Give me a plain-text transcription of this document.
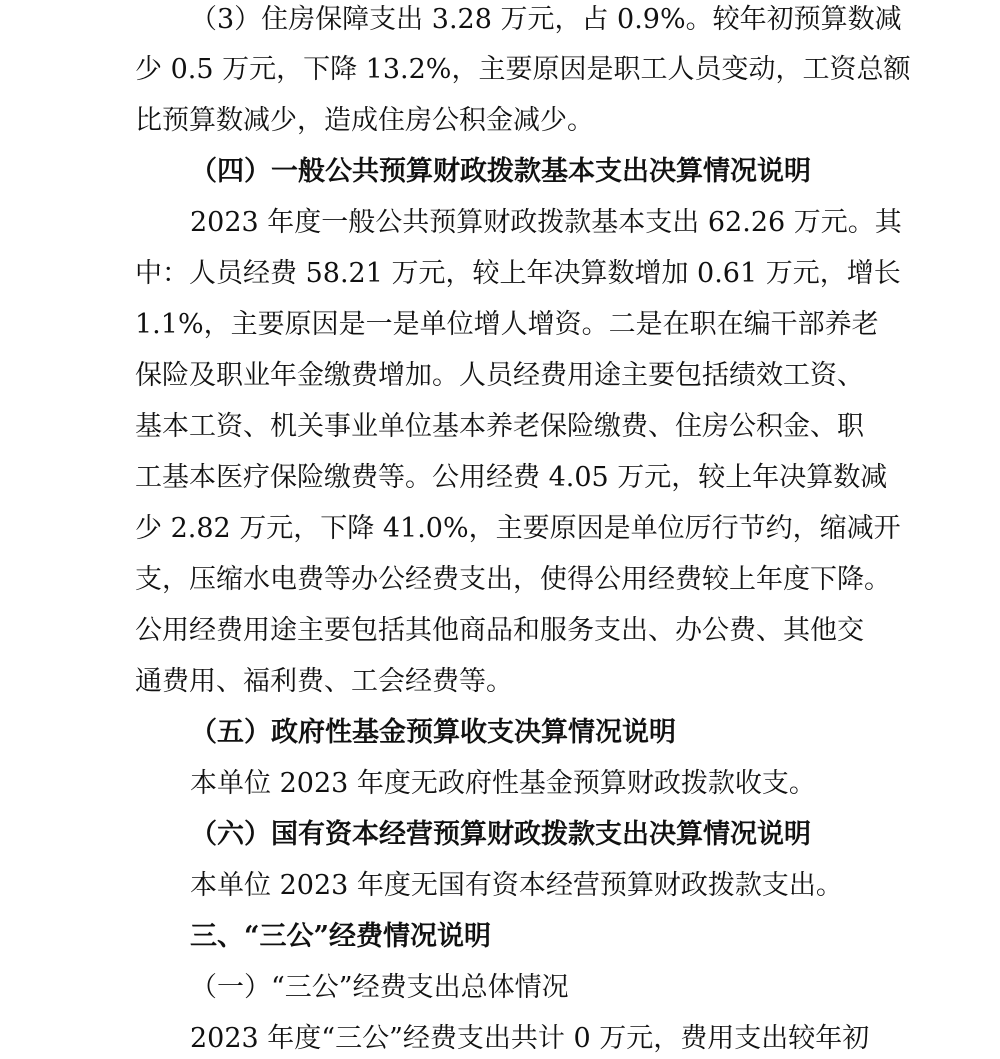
（3）住房保障支出 3.28 万元，占 0.9%。较年初预算数减
少 0.5 万元，下降 13.2%，主要原因是职工人员变动，工资总额
比预算数减少，造成住房公积金减少。
（四）一般公共预算财政拨款基本支出决算情况说明
2023 年度一般公共预算财政拨款基本支出 62.26 万元。其
中：人员经费 58.21 万元，较上年决算数增加 0.61 万元，增长
1.1%，主要原因是一是单位增人增资。二是在职在编干部养老
保险及职业年金缴费增加。人员经费用途主要包括绩效工资、
基本工资、机关事业单位基本养老保险缴费、住房公积金、职
工基本医疗保险缴费等。公用经费 4.05 万元，较上年决算数减
少 2.82 万元，下降 41.0%，主要原因是单位厉行节约，缩减开
支，压缩水电费等办公经费支出，使得公用经费较上年度下降。
公用经费用途主要包括其他商品和服务支出、办公费、其他交
通费用、福利费、工会经费等。
（五）政府性基金预算收支决算情况说明
本单位 2023 年度无政府性基金预算财政拨款收支。
（六）国有资本经营预算财政拨款支出决算情况说明
本单位 2023 年度无国有资本经营预算财政拨款支出。
三、“三公”经费情况说明
（一）“三公”经费支出总体情况
2023 年度“三公”经费支出共计 0 万元，费用支出较年初
